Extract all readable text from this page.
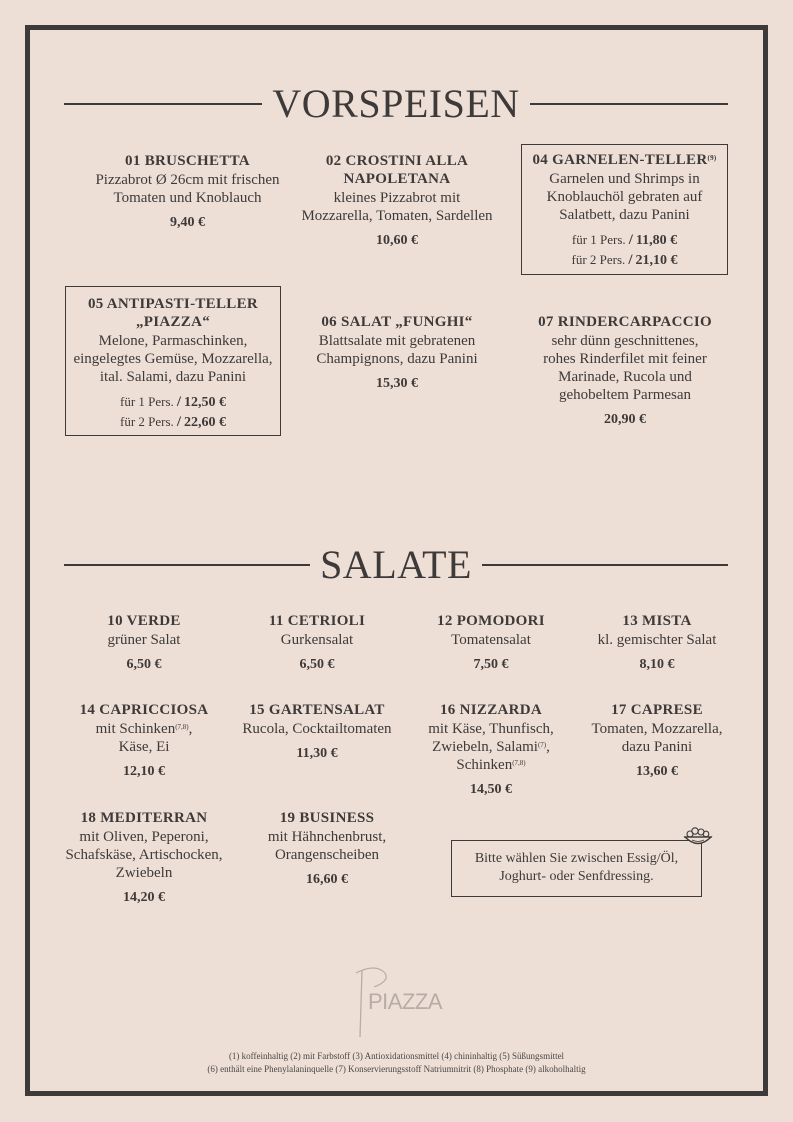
VORSPEISEN
01 BRUSCHETTA
Pizzabrot Ø 26cm mit frischen
Tomaten und Knoblauch
9,40 €
02 CROSTINI ALLA
NAPOLETANA
kleines Pizzabrot mit
Mozzarella, Tomaten, Sardellen
10,60 €
04 GARNELEN-TELLER$^{(9)}$
Garnelen und Shrimps in
Knoblauchöl gebraten auf
Salatbett, dazu Panini
für 1 Pers. / 11,80 €
für 2 Pers. / 21,10 €
05 ANTIPASTI-TELLER
„PIAZZA“
Melone, Parmaschinken,
eingelegtes Gemüse, Mozzarella,
ital. Salami, dazu Panini
für 1 Pers. / 12,50 €
für 2 Pers. / 22,60 €
06 SALAT „FUNGHI“
Blattsalate mit gebratenen
Champignons, dazu Panini
15,30 €
07 RINDERCARPACCIO
sehr dünn geschnittenes,
rohes Rinderfilet mit feiner
Marinade, Rucola und
gehobeltem Parmesan
20,90 €
SALATE
10 VERDE
grüner Salat
6,50 €
11 CETRIOLI
Gurkensalat
6,50 €
12 POMODORI
Tomatensalat
7,50 €
13 MISTA
kl. gemischter Salat
8,10 €
14 CAPRICCIOSA
mit Schinken$^{(7,8)}$,
Käse, Ei
12,10 €
15 GARTENSALAT
Rucola, Cocktailtomaten
11,30 €
16 NIZZARDA
mit Käse, Thunfisch,
Zwiebeln, Salami$^{(7)}$,
Schinken$^{(7,8)}$
14,50 €
17 CAPRESE
Tomaten, Mozzarella,
dazu Panini
13,60 €
18 MEDITERRAN
mit Oliven, Peperoni,
Schafskäse, Artischocken,
Zwiebeln
14,20 €
19 BUSINESS
mit Hähnchenbrust,
Orangenscheiben
16,60 €
Bitte wählen Sie zwischen Essig/Öl,
Joghurt- oder Senfdressing.
PIAZZA
(1) koffeinhaltig (2) mit Farbstoff (3) Antioxidationsmittel (4) chininhaltig (5) Süßungsmittel
(6) enthält eine Phenylalaninquelle (7) Konservierungsstoff Natriumnitrit (8) Phosphate (9) alkoholhaltig
